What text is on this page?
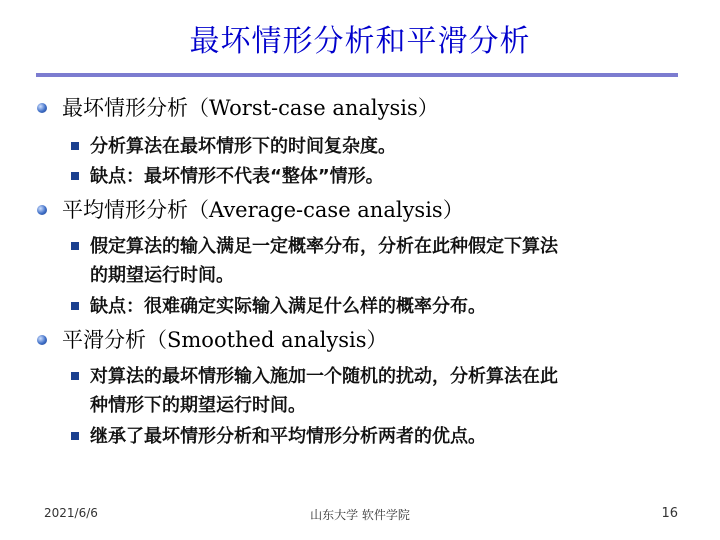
最坏情形分析和平滑分析
最坏情形分析（Worst-case analysis）
分析算法在最坏情形下的时间复杂度。
缺点：最坏情形不代表“整体”情形。
平均情形分析（Average-case analysis）
假定算法的输入满足一定概率分布，分析在此种假定下算法
的期望运行时间。
缺点：很难确定实际输入满足什么样的概率分布。
平滑分析（Smoothed analysis）
对算法的最坏情形输入施加一个随机的扰动，分析算法在此
种情形下的期望运行时间。
继承了最坏情形分析和平均情形分析两者的优点。
2021/6/6	山东大学 软件学院	16
